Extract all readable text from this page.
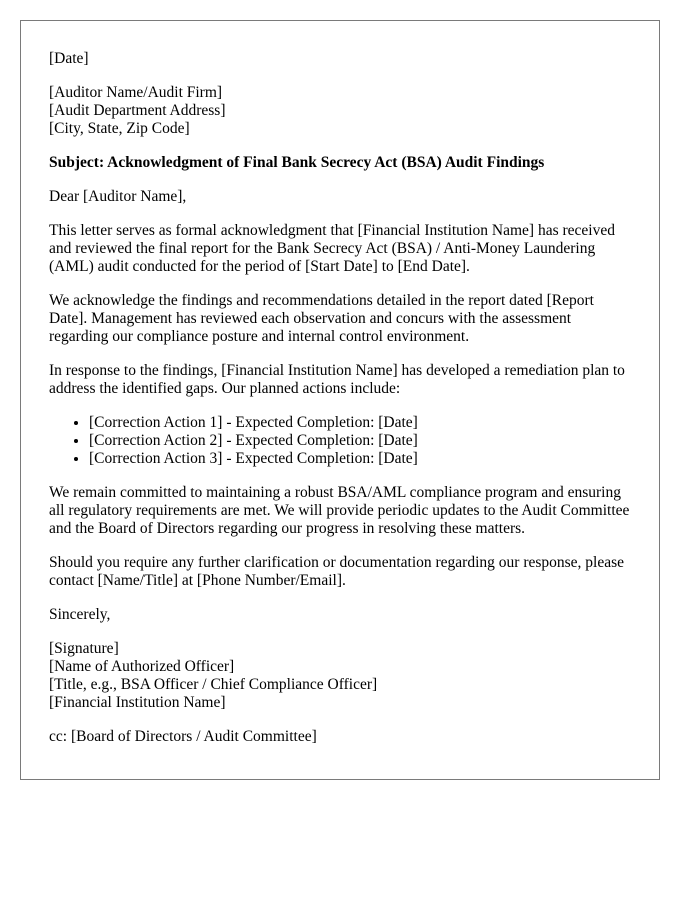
[Date]

[Auditor Name/Audit Firm]
[Audit Department Address]
[City, State, Zip Code]

Subject: Acknowledgment of Final Bank Secrecy Act (BSA) Audit Findings

Dear [Auditor Name],

This letter serves as formal acknowledgment that [Financial Institution Name] has received and reviewed the final report for the Bank Secrecy Act (BSA) / Anti-Money Laundering (AML) audit conducted for the period of [Start Date] to [End Date].

We acknowledge the findings and recommendations detailed in the report dated [Report Date]. Management has reviewed each observation and concurs with the assessment regarding our compliance posture and internal control environment.

In response to the findings, [Financial Institution Name] has developed a remediation plan to address the identified gaps. Our planned actions include:

• [Correction Action 1] - Expected Completion: [Date]
• [Correction Action 2] - Expected Completion: [Date]
• [Correction Action 3] - Expected Completion: [Date]

We remain committed to maintaining a robust BSA/AML compliance program and ensuring all regulatory requirements are met. We will provide periodic updates to the Audit Committee and the Board of Directors regarding our progress in resolving these matters.

Should you require any further clarification or documentation regarding our response, please contact [Name/Title] at [Phone Number/Email].

Sincerely,

[Signature]
[Name of Authorized Officer]
[Title, e.g., BSA Officer / Chief Compliance Officer]
[Financial Institution Name]

cc: [Board of Directors / Audit Committee]
